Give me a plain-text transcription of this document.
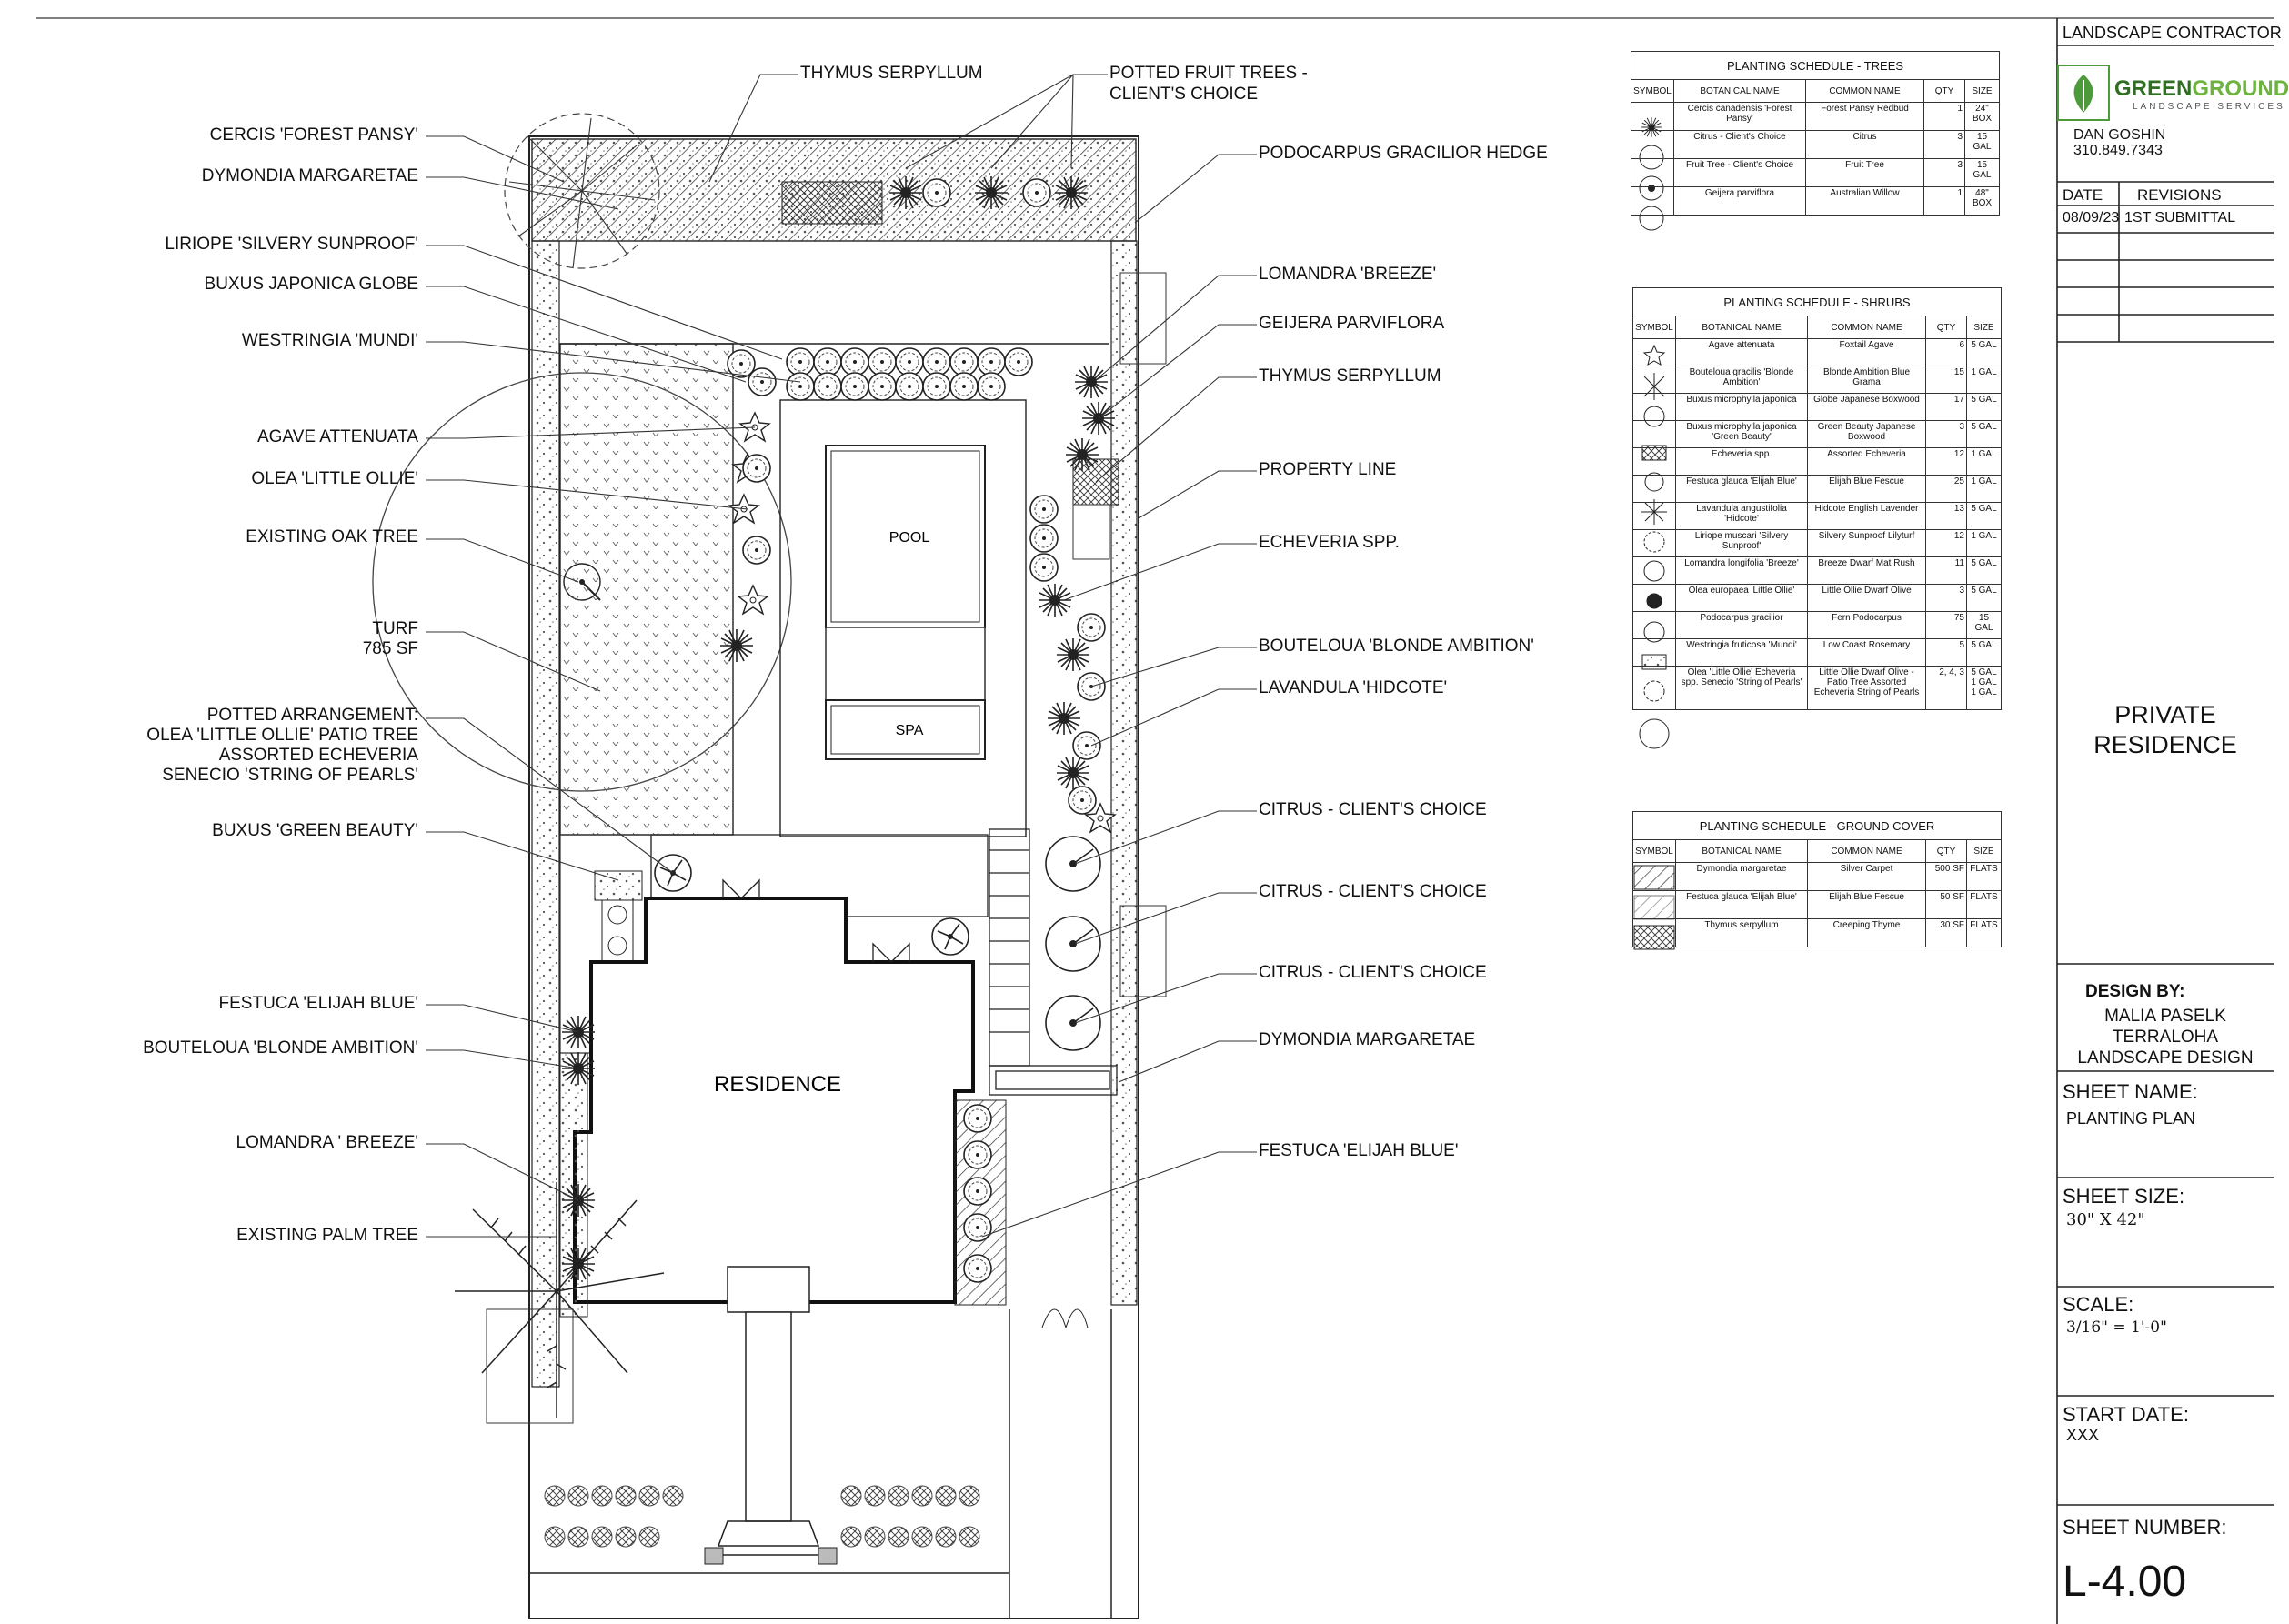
POOL
SPA
RESIDENCE
CERCIS 'FOREST PANSY'
DYMONDIA MARGARETAE
LIRIOPE 'SILVERY SUNPROOF'
BUXUS JAPONICA GLOBE
WESTRINGIA 'MUNDI'
AGAVE ATTENUATA
OLEA 'LITTLE OLLIE'
EXISTING OAK TREE
TURF
785 SF
POTTED ARRANGEMENT:
OLEA 'LITTLE OLLIE' PATIO TREE
ASSORTED ECHEVERIA
SENECIO 'STRING OF PEARLS'
BUXUS 'GREEN BEAUTY'
FESTUCA 'ELIJAH BLUE'
BOUTELOUA 'BLONDE AMBITION'
LOMANDRA ' BREEZE'
EXISTING PALM TREE
THYMUS SERPYLLUM	POTTED FRUIT TREES -
CLIENT'S CHOICE
PODOCARPUS GRACILIOR HEDGE
LOMANDRA 'BREEZE'
GEIJERA PARVIFLORA
THYMUS SERPYLLUM
PROPERTY LINE
ECHEVERIA SPP.
BOUTELOUA 'BLONDE AMBITION'
LAVANDULA 'HIDCOTE'
CITRUS - CLIENT'S CHOICE
CITRUS - CLIENT'S CHOICE
CITRUS - CLIENT'S CHOICE
DYMONDIA MARGARETAE
FESTUCA 'ELIJAH BLUE'
PLANTING SCHEDULE - TREES				
SYMBOL	BOTANICAL NAME	COMMON NAME	QTY	SIZE
	Cercis canadensis 'Forest Pansy'	Forest Pansy Redbud	1	24" BOX
	Citrus - Client's Choice	Citrus	3	15 GAL
	Fruit Tree - Client's Choice	Fruit Tree	3	15 GAL
	Geijera parviflora	Australian Willow	1	48" BOX
PLANTING SCHEDULE - SHRUBS				
SYMBOL	BOTANICAL NAME	COMMON NAME	QTY	SIZE
	Agave attenuata	Foxtail Agave	6	5 GAL
	Bouteloua gracilis 'Blonde Ambition'	Blonde Ambition Blue Grama	15	1 GAL
	Buxus microphylla japonica	Globe Japanese Boxwood	17	5 GAL
	Buxus microphylla japonica 'Green Beauty'	Green Beauty Japanese Boxwood	3	5 GAL
	Echeveria spp.	Assorted Echeveria	12	1 GAL
	Festuca glauca 'Elijah Blue'	Elijah Blue Fescue	25	1 GAL
	Lavandula angustifolia 'Hidcote'	Hidcote English Lavender	13	5 GAL
	Liriope muscari 'Silvery Sunproof'	Silvery Sunproof Lilyturf	12	1 GAL
	Lomandra longifolia 'Breeze'	Breeze Dwarf Mat Rush	11	5 GAL
	Olea europaea 'Little Ollie'	Little Ollie Dwarf Olive	3	5 GAL
	Podocarpus gracilior	Fern Podocarpus	75	15 GAL
	Westringia fruticosa 'Mundi'	Low Coast Rosemary	5	5 GAL
	Olea 'Little Ollie' Echeveria spp. Senecio 'String of Pearls'	Little Ollie Dwarf Olive - Patio Tree Assorted Echeveria String of Pearls	2, 4, 3	5 GAL 1 GAL 1 GAL
PLANTING SCHEDULE - GROUND COVER				
SYMBOL	BOTANICAL NAME	COMMON NAME	QTY	SIZE
	Dymondia margaretae	Silver Carpet	500 SF	FLATS
	Festuca glauca 'Elijah Blue'	Elijah Blue Fescue	50 SF	FLATS
	Thymus serpyllum	Creeping Thyme	30 SF	FLATS
LANDSCAPE CONTRACTOR
GREENGROUND
LANDSCAPE SERVICES
DAN GOSHIN
310.849.7343
DATE REVISIONS
08/09/23 1ST SUBMITTAL
PRIVATE
RESIDENCE
DESIGN BY:
MALIA PASELK
TERRALOHA
LANDSCAPE DESIGN
SHEET NAME:
PLANTING PLAN
SHEET SIZE:
30" X 42"
SCALE:
3/16" = 1'-0"
START DATE:
XXX
SHEET NUMBER:
L-4.00
